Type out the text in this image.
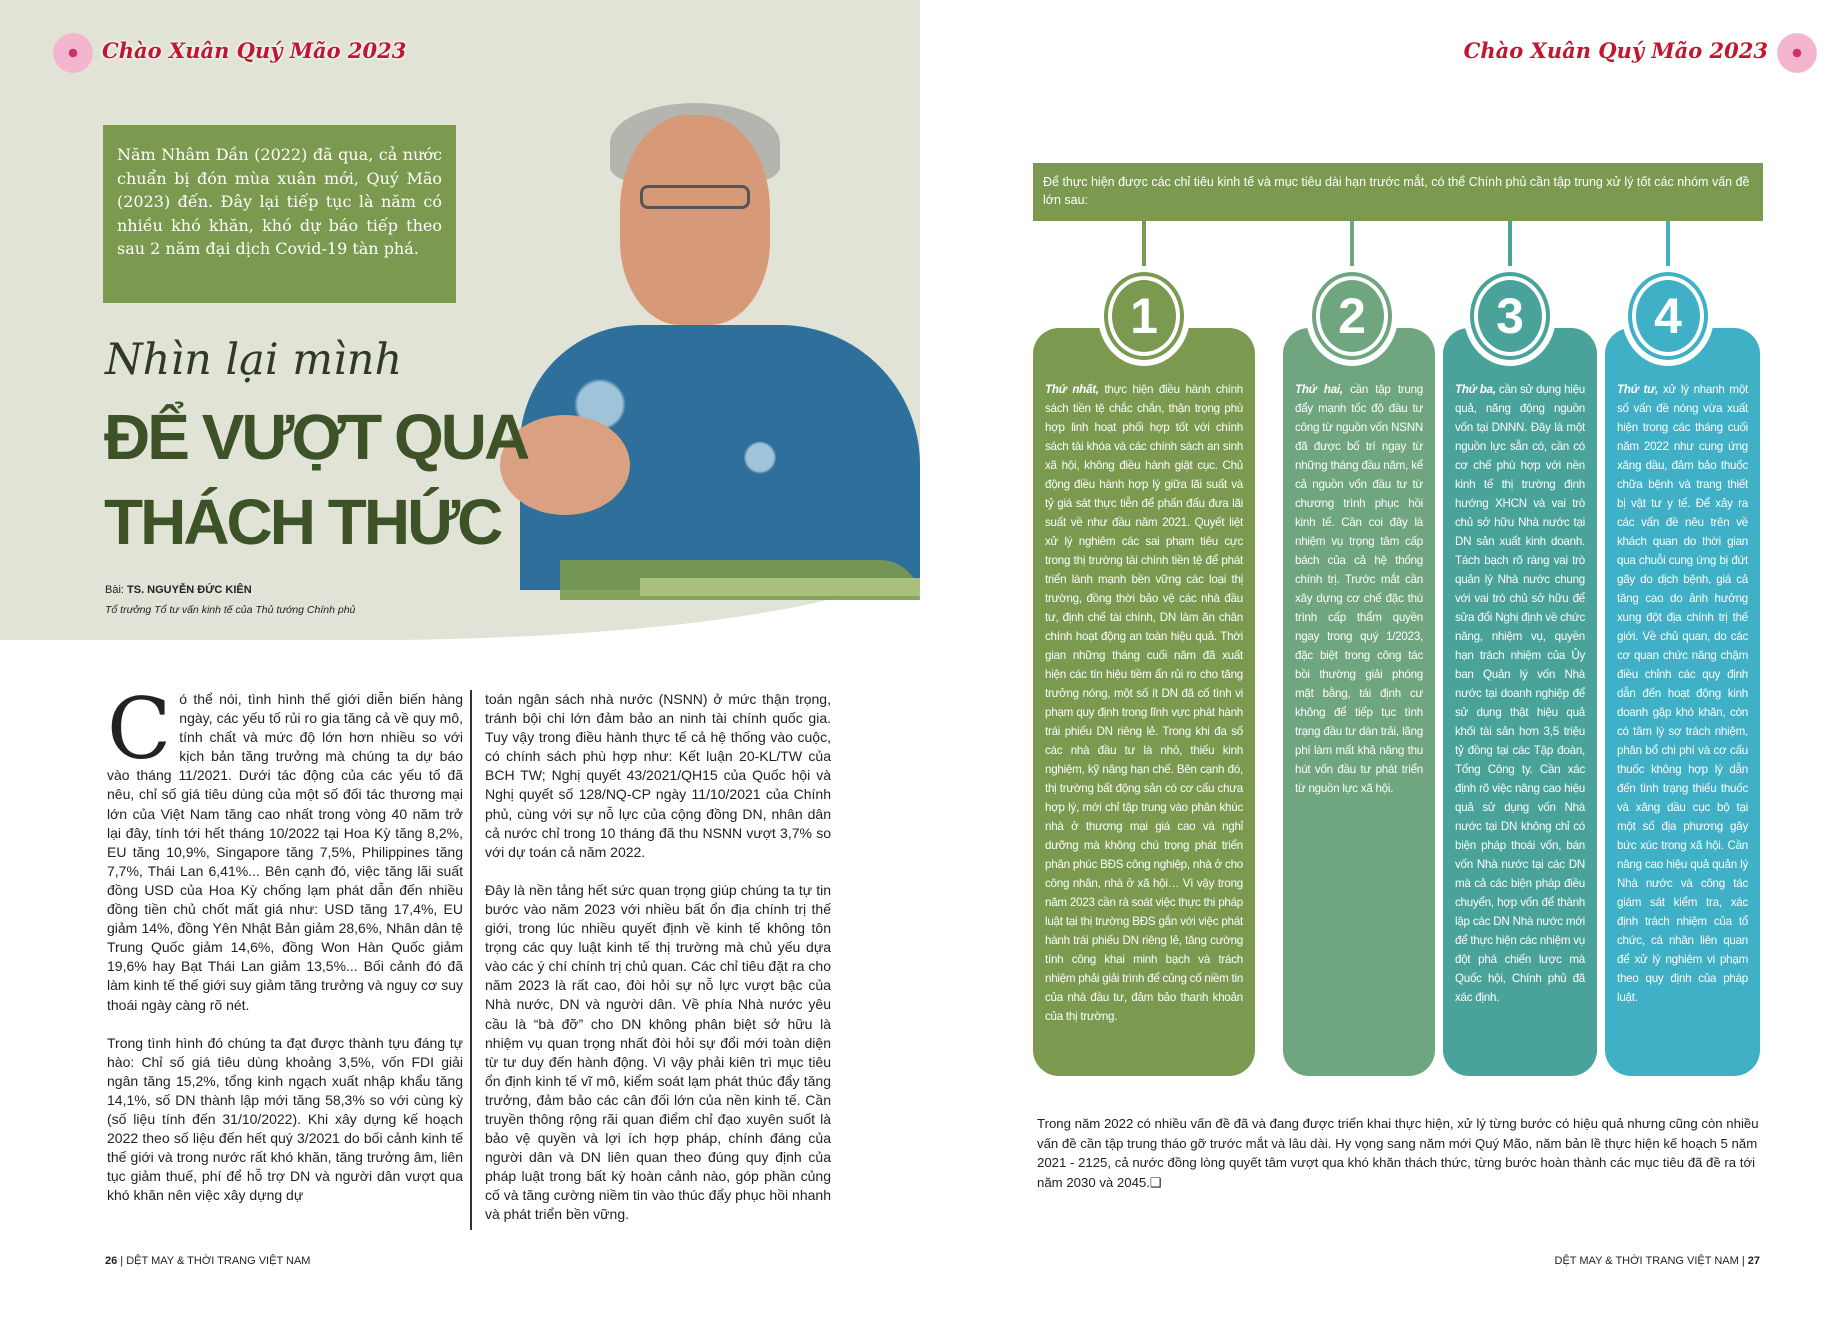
Chào Xuân Quý Mão 2023
Năm Nhâm Dần (2022) đã qua, cả nước chuẩn bị đón mùa xuân mới, Quý Mão (2023) đến. Đây lại tiếp tục là năm có nhiều khó khăn, khó dự báo tiếp theo sau 2 năm đại dịch Covid-19 tàn phá.
Nhìn lại mình
ĐỂ VƯỢT QUA
THÁCH THỨC
Bài: TS. NGUYỄN ĐỨC KIÊN
Tổ trưởng Tổ tư vấn kinh tế của Thủ tướng Chính phủ

Có thể nói, tình hình thế giới diễn biến hàng ngày, các yếu tố rủi ro gia tăng cả về quy mô, tính chất và mức độ lớn hơn nhiều so với kịch bản tăng trưởng mà chúng ta dự báo vào tháng 11/2021. Dưới tác động của các yếu tố đã nêu, chỉ số giá tiêu dùng của một số đối tác thương mại lớn của Việt Nam tăng cao nhất trong vòng 40 năm trở lại đây, tính tới hết tháng 10/2022 tại Hoa Kỳ tăng 8,2%, EU tăng 10,9%, Singapore tăng 7,5%, Philippines tăng 7,7%, Thái Lan 6,41%... Bên cạnh đó, việc tăng lãi suất đồng USD của Hoa Kỳ chống lạm phát dẫn đến nhiều đồng tiền chủ chốt mất giá như: USD tăng 17,4%, EU giảm 14%, đồng Yên Nhật Bản giảm 28,6%, Nhân dân tệ Trung Quốc giảm 14,6%, đồng Won Hàn Quốc giảm 19,6% hay Bạt Thái Lan giảm 13,5%... Bối cảnh đó đã làm kinh tế thế giới suy giảm tăng trưởng và nguy cơ suy thoái ngày càng rõ nét.

Trong tình hình đó chúng ta đạt được thành tựu đáng tự hào: Chỉ số giá tiêu dùng khoảng 3,5%, vốn FDI giải ngân tăng 15,2%, tổng kinh ngạch xuất nhập khẩu tăng 14,1%, số DN thành lập mới tăng 58,3% so với cùng kỳ (số liệu tính đến 31/10/2022). Khi xây dựng kế hoạch 2022 theo số liệu đến hết quý 3/2021 do bối cảnh kinh tế thế giới và trong nước rất khó khăn, tăng trưởng âm, liên tục giảm thuế, phí để hỗ trợ DN và người dân vượt qua khó khăn nên việc xây dựng dự

toán ngân sách nhà nước (NSNN) ở mức thận trọng, tránh bội chi lớn đảm bảo an ninh tài chính quốc gia. Tuy vậy trong điều hành thực tế cả hệ thống vào cuộc, có chính sách phù hợp như: Kết luận 20-KL/TW của BCH TW; Nghị quyết 43/2021/QH15 của Quốc hội và Nghị quyết số 128/NQ-CP ngày 11/10/2021 của Chính phủ, cùng với sự nỗ lực của cộng đồng DN, nhân dân cả nước chỉ trong 10 tháng đã thu NSNN vượt 3,7% so với dự toán cả năm 2022.

Đây là nền tảng hết sức quan trọng giúp chúng ta tự tin bước vào năm 2023 với nhiều bất ổn địa chính trị thế giới, trong lúc nhiều quyết định về kinh tế không tôn trọng các quy luật kinh tế thị trường mà chủ yếu dựa vào các ý chí chính trị chủ quan. Các chỉ tiêu đặt ra cho năm 2023 là rất cao, đòi hỏi sự nỗ lực vượt bậc của Nhà nước, DN và người dân. Về phía Nhà nước yêu cầu là “bà đỡ” cho DN không phân biệt sở hữu là nhiệm vụ quan trọng nhất đòi hỏi sự đổi mới toàn diện từ tư duy đến hành động. Vì vậy phải kiên trì mục tiêu ổn định kinh tế vĩ mô, kiểm soát lạm phát thúc đẩy tăng trưởng, đảm bảo các cân đối lớn của nền kinh tế. Cần truyền thông rộng rãi quan điểm chỉ đạo xuyên suốt là bảo vệ quyền và lợi ích hợp pháp, chính đáng của người dân và DN liên quan theo đúng quy định của pháp luật trong bất kỳ hoàn cảnh nào, góp phần củng cố và tăng cường niềm tin vào thúc đẩy phục hồi nhanh và phát triển bền vững.

26 | DỆT MAY & THỜI TRANG VIỆT NAM
Chào Xuân Quý Mão 2023
Để thực hiện được các chỉ tiêu kinh tế và mục tiêu dài hạn trước mắt, có thể Chính phủ cần tập trung xử lý tốt các nhóm vấn đề lớn sau:
Thứ nhất, thực hiện điều hành chính sách tiền tệ chắc chắn, thận trọng phù hợp linh hoạt phối hợp tốt với chính sách tài khóa và các chính sách an sinh xã hội, không điều hành giật cục. Chủ động điều hành hợp lý giữa lãi suất và tỷ giá sát thực tiễn để phấn đấu đưa lãi suất về như đầu năm 2021. Quyết liệt xử lý nghiêm các sai phạm tiêu cực trong thị trường tài chính tiền tệ để phát triển lành mạnh bền vững các loại thị trường, đồng thời bảo vệ các nhà đầu tư, định chế tài chính, DN làm ăn chân chính hoạt động an toàn hiệu quả. Thời gian những tháng cuối năm đã xuất hiện các tín hiệu tiềm ẩn rủi ro cho tăng trưởng nóng, một số ít DN đã cố tình vi phạm quy định trong lĩnh vực phát hành trái phiếu DN riêng lẻ. Trong khi đa số các nhà đầu tư là nhỏ, thiếu kinh nghiệm, kỹ năng hạn chế. Bên cạnh đó, thị trường bất động sản có cơ cấu chưa hợp lý, mới chỉ tập trung vào phân khúc nhà ở thương mại giá cao và nghỉ dưỡng mà không chú trọng phát triển phân phúc BĐS công nghiệp, nhà ở cho công nhân, nhà ở xã hội… Vì vậy trong năm 2023 cần rà soát việc thực thi pháp luật tại thị trường BĐS gắn với việc phát hành trái phiếu DN riêng lẻ, tăng cường tính công khai minh bạch và trách nhiệm phải giải trình để củng cố niềm tin của nhà đầu tư, đảm bảo thanh khoản của thị trường.
Thứ hai, cần tập trung đẩy mạnh tốc độ đầu tư công từ nguồn vốn NSNN đã được bố trí ngay từ những tháng đầu năm, kể cả nguồn vốn đầu tư từ chương trình phục hồi kinh tế. Cần coi đây là nhiệm vụ trọng tâm cấp bách của cả hệ thống chính trị. Trước mắt cần xây dựng cơ chế đặc thù trình cấp thẩm quyền ngay trong quý 1/2023, đặc biệt trong công tác bồi thường giải phóng mặt bằng, tái định cư không để tiếp tục tình trạng đầu tư dàn trải, lãng phí làm mất khả năng thu hút vốn đầu tư phát triển từ nguồn lực xã hội.
Thứ ba, cần sử dụng hiệu quả, năng động nguồn vốn tại DNNN. Đây là một nguồn lực sẵn có, cần có cơ chế phù hợp với nền kinh tế thị trường định hướng XHCN và vai trò chủ sở hữu Nhà nước tại DN sản xuất kinh doanh. Tách bạch rõ ràng vai trò quản lý Nhà nước chung với vai trò chủ sở hữu để sửa đổi Nghị định về chức năng, nhiệm vụ, quyền hạn trách nhiệm của Ủy ban Quản lý vốn Nhà nước tại doanh nghiệp để sử dụng thật hiệu quả khối tài sản hơn 3,5 triệu tỷ đồng tại các Tập đoàn, Tổng Công ty. Cần xác định rõ việc nâng cao hiệu quả sử dụng vốn Nhà nước tại DN không chỉ có biện pháp thoái vốn, bán vốn Nhà nước tại các DN mà cả các biện pháp điều chuyển, hợp vốn để thành lập các DN Nhà nước mới để thực hiện các nhiệm vụ đột phá chiến lược mà Quốc hội, Chính phủ đã xác định.
Thứ tư, xử lý nhanh một số vấn đề nóng vừa xuất hiện trong các tháng cuối năm 2022 như cung ứng xăng dầu, đảm bảo thuốc chữa bệnh và trang thiết bị vật tư y tế. Để xảy ra các vấn đề nêu trên về khách quan do thời gian qua chuỗi cung ứng bị đứt gãy do dịch bệnh, giá cả tăng cao do ảnh hưởng xung đột địa chính trị thế giới. Về chủ quan, do các cơ quan chức năng chậm điều chỉnh các quy định dẫn đến hoạt động kinh doanh gặp khó khăn, còn có tâm lý sợ trách nhiệm, phân bổ chi phí và cơ cấu thuốc không hợp lý dẫn đến tình trạng thiếu thuốc và xăng dầu cục bộ tại một số địa phương gây bức xúc trong xã hội. Cần nâng cao hiệu quả quản lý Nhà nước và công tác giám sát kiểm tra, xác định trách nhiệm của tổ chức, cá nhân liên quan để xử lý nghiêm vi phạm theo quy định của pháp luật.
1	2	3	4
Trong năm 2022 có nhiều vấn đề đã và đang được triển khai thực hiện, xử lý từng bước có hiệu quả nhưng cũng còn nhiều vấn đề cần tập trung tháo gỡ trước mắt và lâu dài. Hy vọng sang năm mới Quý Mão, năm bản lề thực hiện kế hoạch 5 năm 2021 - 2125, cả nước đồng lòng quyết tâm vượt qua khó khăn thách thức, từng bước hoàn thành các mục tiêu đã đề ra tới năm 2030 và 2045.❑
DỆT MAY & THỜI TRANG VIỆT NAM | 27
